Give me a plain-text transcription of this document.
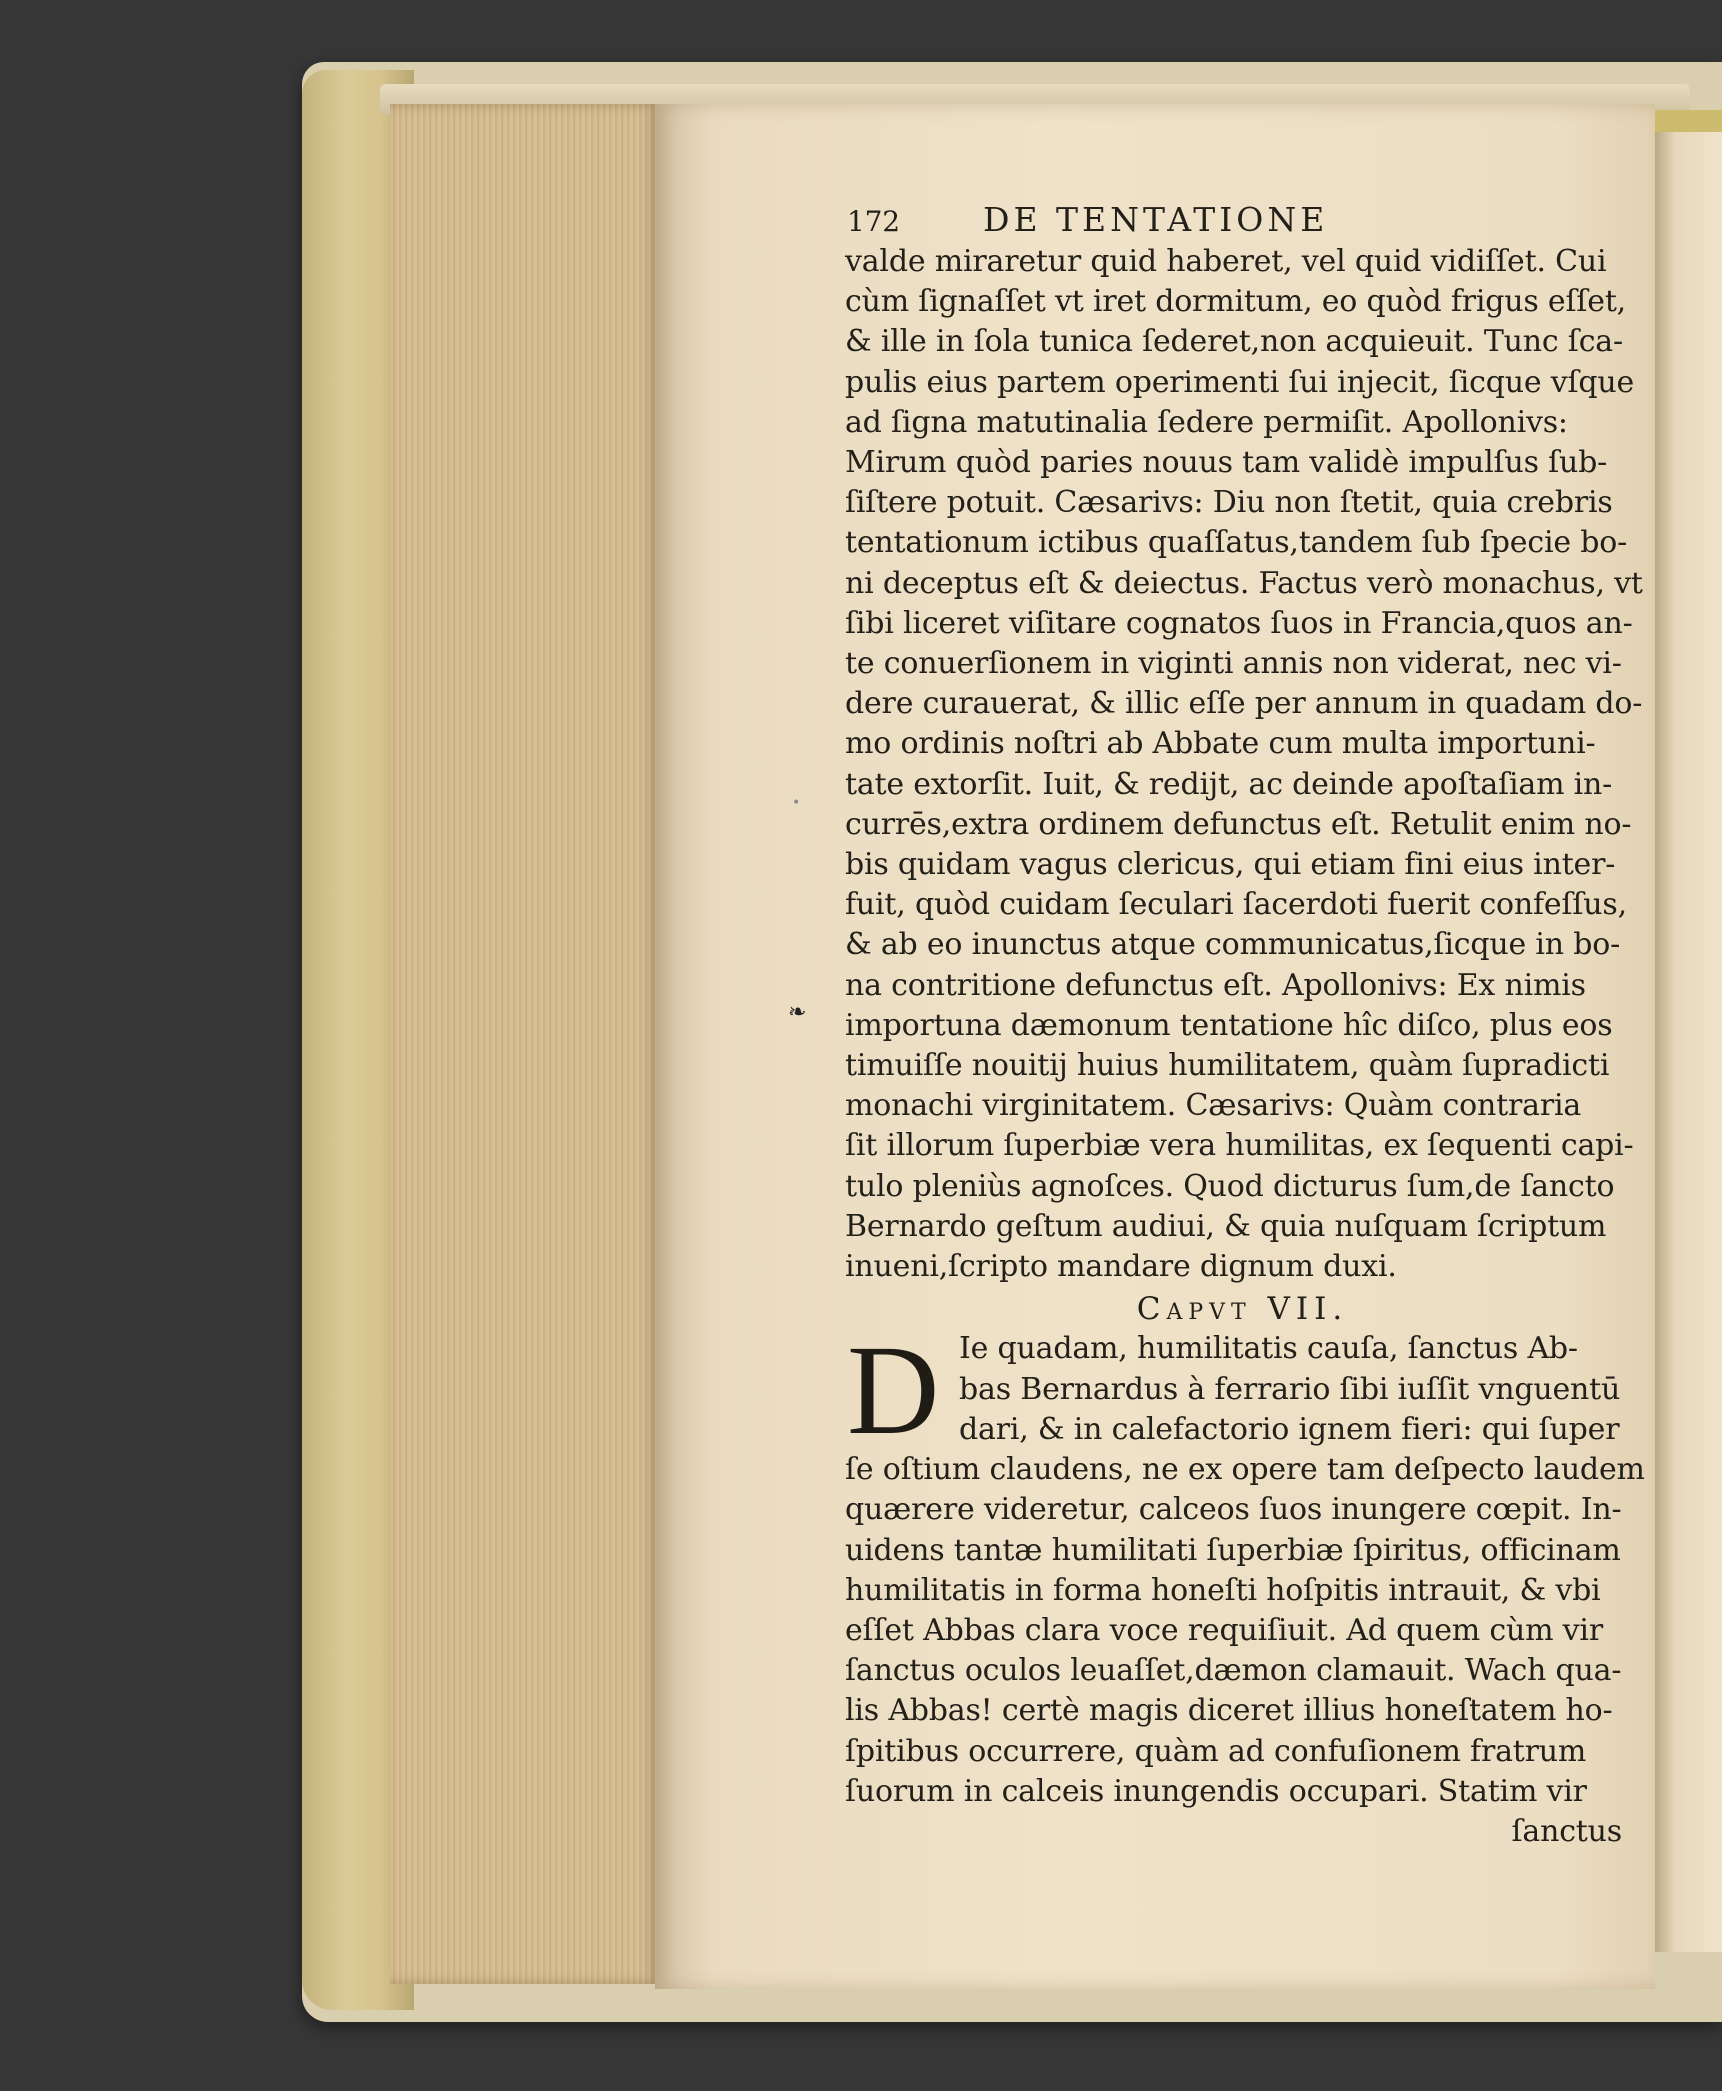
•
❧
172	DE TENTATIONE
valde miraretur quid haberet, vel quid vidiſſet. Cui
cùm ſignaſſet vt iret dormitum, eo quòd frigus eſſet,
& ille in ſola tunica ſederet,non acquieuit. Tunc ſca-
pulis eius partem operimenti ſui injecit, ſicque vſque
ad ſigna matutinalia ſedere permiſit. Apollonivs:
Mirum quòd paries nouus tam validè impulſus ſub-
ſiſtere potuit. Cæsarivs: Diu non ſtetit, quia crebris
tentationum ictibus quaſſatus,tandem ſub ſpecie bo-
ni deceptus eſt & deiectus. Factus verò monachus, vt
ſibi liceret viſitare cognatos ſuos in Francia,quos an-
te conuerſionem in viginti annis non viderat, nec vi-
dere curauerat, & illic eſſe per annum in quadam do-
mo ordinis noſtri ab Abbate cum multa importuni-
tate extorſit. Iuit, & rediјt, ac deinde apoſtaſiam in-
currēs,extra ordinem defunctus eſt. Retulit enim no-
bis quidam vagus clericus, qui etiam fini eius inter-
fuit, quòd cuidam ſeculari ſacerdoti fuerit confeſſus,
& ab eo inunctus atque communicatus,ſicque in bo-
na contritione defunctus eſt. Apollonivs: Ex nimis
importuna dæmonum tentatione hîc diſco, plus eos
timuiſſe nouitij huius humilitatem, quàm ſupradicti
monachi virginitatem. Cæsarivs: Quàm contraria
ſit illorum ſuperbiæ vera humilitas, ex ſequenti capi-
tulo pleniùs agnoſces. Quod dicturus ſum,de ſancto
Bernardo geſtum audiui, & quia nuſquam ſcriptum
inueni,ſcripto mandare dignum duxi.
Capvt VII.
D Ie quadam, humilitatis cauſa, ſanctus Ab-
bas Bernardus à ferrario ſibi iuſſit vnguentū
dari, & in calefactorio ignem fieri: qui ſuper
ſe oſtium claudens, ne ex opere tam deſpecto laudem
quærere videretur, calceos ſuos inungere cœpit. In-
uidens tantæ humilitati ſuperbiæ ſpiritus, officinam
humilitatis in forma honeſti hoſpitis intrauit, & vbi
eſſet Abbas clara voce requiſiuit. Ad quem cùm vir
ſanctus oculos leuaſſet,dæmon clamauit. Wach qua-
lis Abbas! certè magis diceret illius honeſtatem ho-
ſpitibus occurrere, quàm ad confuſionem fratrum
ſuorum in calceis inungendis occupari. Statim vir
ſanctus
